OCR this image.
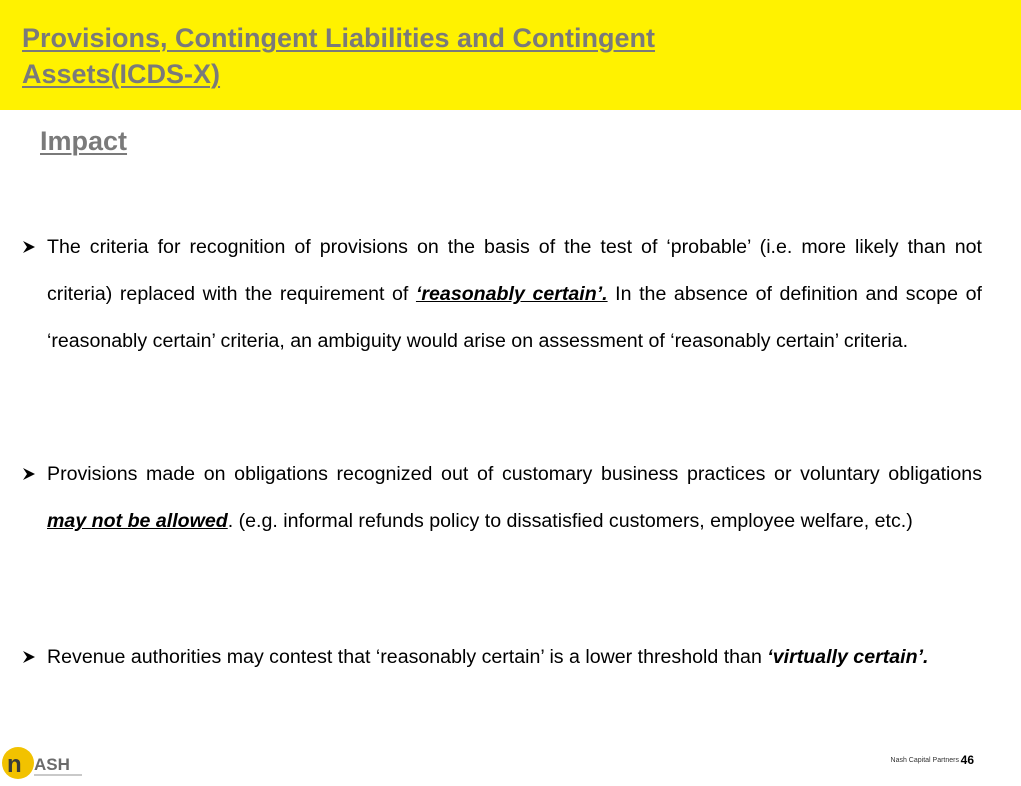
Provisions, Contingent Liabilities and Contingent
Assets(ICDS-X)
Impact
The criteria for recognition of provisions on the basis of the test of ‘probable’ (i.e. more likely than not criteria) replaced with the requirement of ‘reasonably certain’. In the absence of definition and scope of ‘reasonably certain’ criteria, an ambiguity would arise on assessment of ‘reasonably certain’ criteria.
Provisions made on obligations recognized out of customary business practices or voluntary obligations may not be allowed. (e.g. informal refunds policy to dissatisfied customers, employee welfare, etc.)
Revenue authorities may contest that ‘reasonably certain’ is a lower threshold than ‘virtually certain’.
n ASH	Nash Capital Partners 46
